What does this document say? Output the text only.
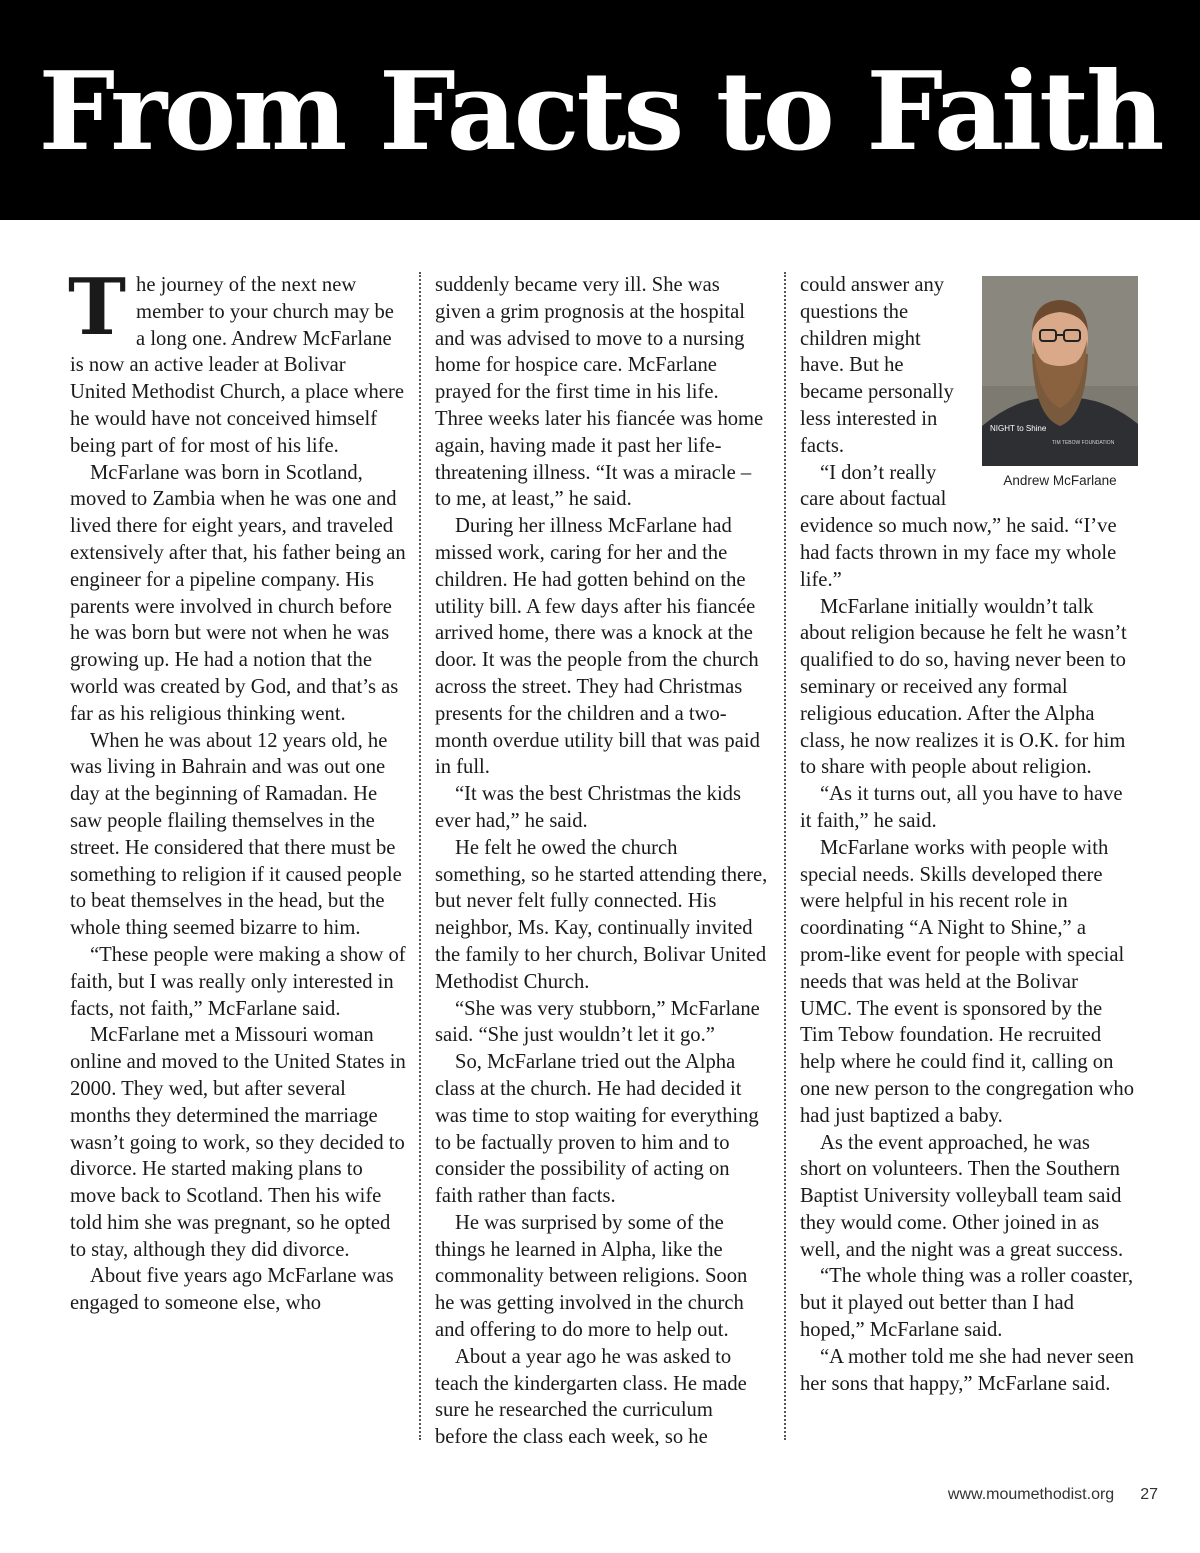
From Facts to Faith

The journey of the next new member to your church may be a long one. Andrew McFarlane is now an active leader at Bolivar United Methodist Church, a place where he would have not conceived himself being part of for most of his life.

McFarlane was born in Scotland, moved to Zambia when he was one and lived there for eight years, and traveled extensively after that, his father being an engineer for a pipeline company. His parents were involved in church before he was born but were not when he was growing up. He had a notion that the world was created by God, and that’s as far as his religious thinking went.

When he was about 12 years old, he was living in Bahrain and was out one day at the beginning of Ramadan. He saw people flailing themselves in the street. He considered that there must be something to religion if it caused people to beat themselves in the head, but the whole thing seemed bizarre to him.

“These people were making a show of faith, but I was really only interested in facts, not faith,” McFarlane said.

McFarlane met a Missouri woman online and moved to the United States in 2000. They wed, but after several months they determined the marriage wasn’t going to work, so they decided to divorce. He started making plans to move back to Scotland. Then his wife told him she was pregnant, so he opted to stay, although they did divorce.

About five years ago McFarlane was engaged to someone else, who

suddenly became very ill. She was given a grim prognosis at the hospital and was advised to move to a nursing home for hospice care. McFarlane prayed for the first time in his life. Three weeks later his fiancée was home again, having made it past her life-threatening illness. “It was a miracle – to me, at least,” he said.

During her illness McFarlane had missed work, caring for her and the children. He had gotten behind on the utility bill. A few days after his fiancée arrived home, there was a knock at the door. It was the people from the church across the street. They had Christmas presents for the children and a two-month overdue utility bill that was paid in full.

“It was the best Christmas the kids ever had,” he said.

He felt he owed the church something, so he started attending there, but never felt fully connected. His neighbor, Ms. Kay, continually invited the family to her church, Bolivar United Methodist Church.

“She was very stubborn,” McFarlane said. “She just wouldn’t let it go.”

So, McFarlane tried out the Alpha class at the church. He had decided it was time to stop waiting for everything to be factually proven to him and to consider the possibility of acting on faith rather than facts.

He was surprised by some of the things he learned in Alpha, like the commonality between religions. Soon he was getting involved in the church and offering to do more to help out.

About a year ago he was asked to teach the kindergarten class. He made sure he researched the curriculum before the class each week, so he

NIGHT to Shine
TIM TEBOW FOUNDATION
Andrew McFarlane

could answer any questions the children might have. But he became personally less interested in facts.

“I don’t really care about factual evidence so much now,” he said. “I’ve had facts thrown in my face my whole life.”

McFarlane initially wouldn’t talk about religion because he felt he wasn’t qualified to do so, having never been to seminary or received any formal religious education. After the Alpha class, he now realizes it is O.K. for him to share with people about religion.

“As it turns out, all you have to have it faith,” he said.

McFarlane works with people with special needs. Skills developed there were helpful in his recent role in coordinating “A Night to Shine,” a prom-like event for people with special needs that was held at the Bolivar UMC. The event is sponsored by the Tim Tebow foundation. He recruited help where he could find it, calling on one new person to the congregation who had just baptized a baby.

As the event approached, he was short on volunteers. Then the Southern Baptist University volleyball team said they would come. Other joined in as well, and the night was a great success.

“The whole thing was a roller coaster, but it played out better than I had hoped,” McFarlane said.

“A mother told me she had never seen her sons that happy,” McFarlane said.

www.moumethodist.org 27
